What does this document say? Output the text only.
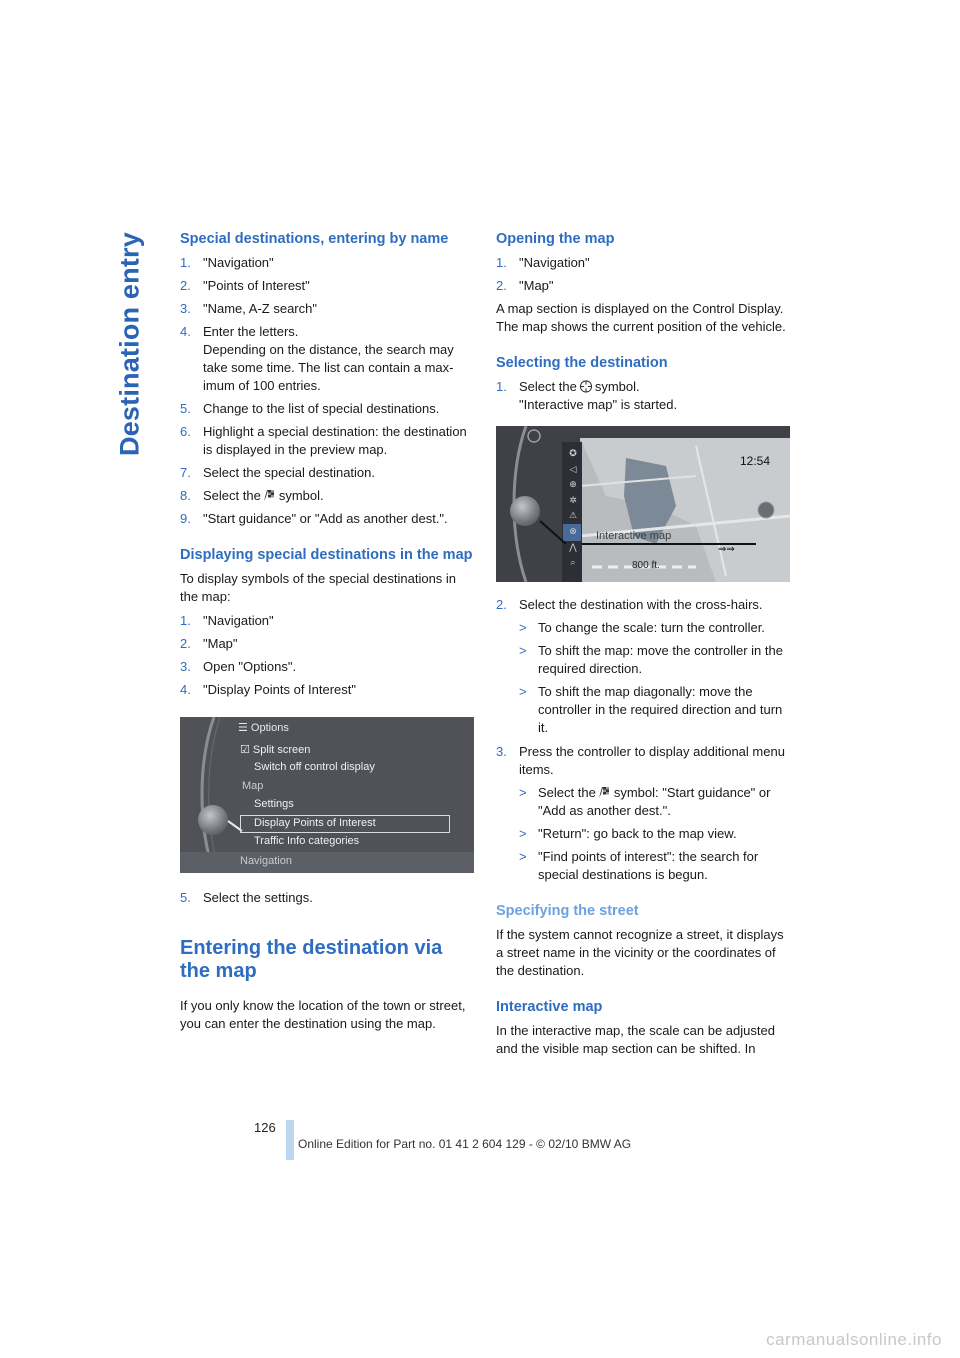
Destination entry	Special destinations, entering by name
1. "Navigation"
2. "Points of Interest"
3. "Name, A-Z search"
4. Enter the letters.
Depending on the distance, the search may take some time. The list can contain a maximum of 100 entries.
5. Change to the list of special destinations.
6. Highlight a special destination: the destination is displayed in the preview map.
7. Select the special destination.
8. Select the symbol.
9. "Start guidance" or "Add as another dest.".
Displaying special destinations in the map

To display symbols of the special destinations in the map:

1. "Navigation"
2. "Map"
3. Open "Options".
4. "Display Points of Interest"
☰ Options
☑ Split screen
Switch off control display
Map
Settings
Display Points of Interest
Traffic Info categories
Navigation
5. Select the settings.
Entering the destination via the map

If you only know the location of the town or street, you can enter the destination using the map.

Opening the map
1. "Navigation"
2. "Map"

A map section is displayed on the Control Display. The map shows the current position of the vehicle.

Selecting the destination
1. Select the symbol.
"Interactive map" is started.
✪
◁
⊕
✲
⚠
⊗
⋀
⌕
12:54
Interactive map
800 ft.
⇒⇒
2. Select the destination with the cross-hairs.
> To change the scale: turn the controller.
> To shift the map: move the controller in the required direction.
> To shift the map diagonally: move the controller in the required direction and turn it.
3. Press the controller to display additional menu items.
> Select the symbol: "Start guidance" or "Add as another dest.".
> "Return": go back to the map view.
> "Find points of interest": the search for special destinations is begun.
Specifying the street

If the system cannot recognize a street, it displays a street name in the vicinity or the coordinates of the destination.

Interactive map

In the interactive map, the scale can be adjusted and the visible map section can be shifted. In

126
Online Edition for Part no. 01 41 2 604 129 - © 02/10 BMW AG
carmanualsonline.info
